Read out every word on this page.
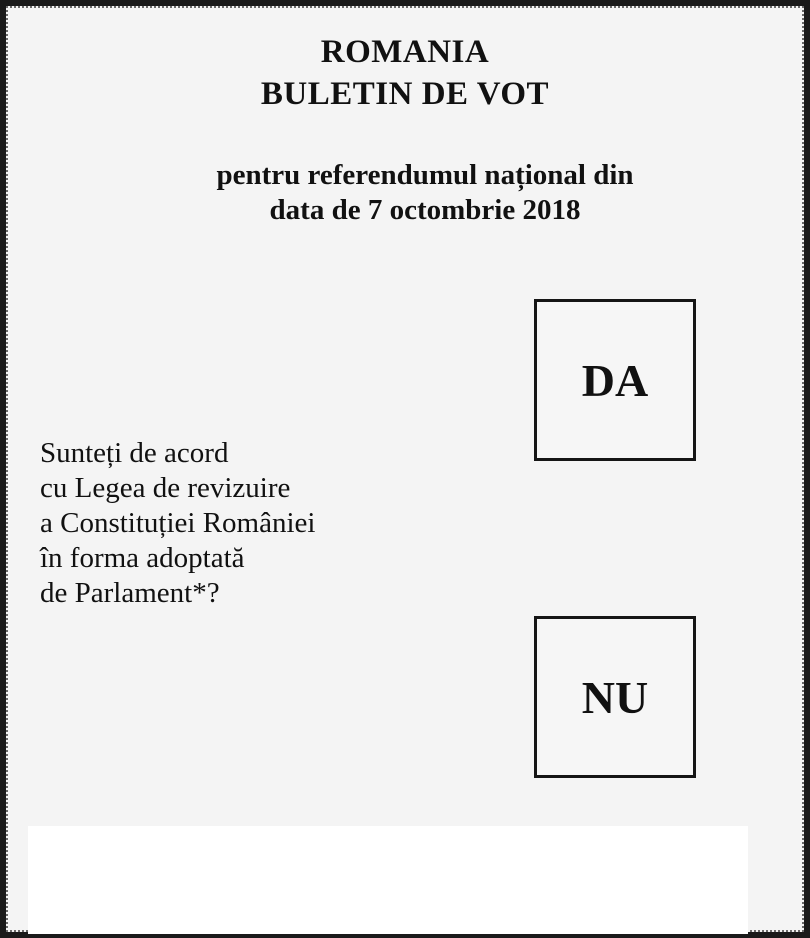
ROMANIA
BULETIN DE VOT
pentru referendumul național din
data de 7 octombrie 2018
Sunteți de acord
cu Legea de revizuire
a Constituției României
în forma adoptată
de Parlament*?
DA
NU
